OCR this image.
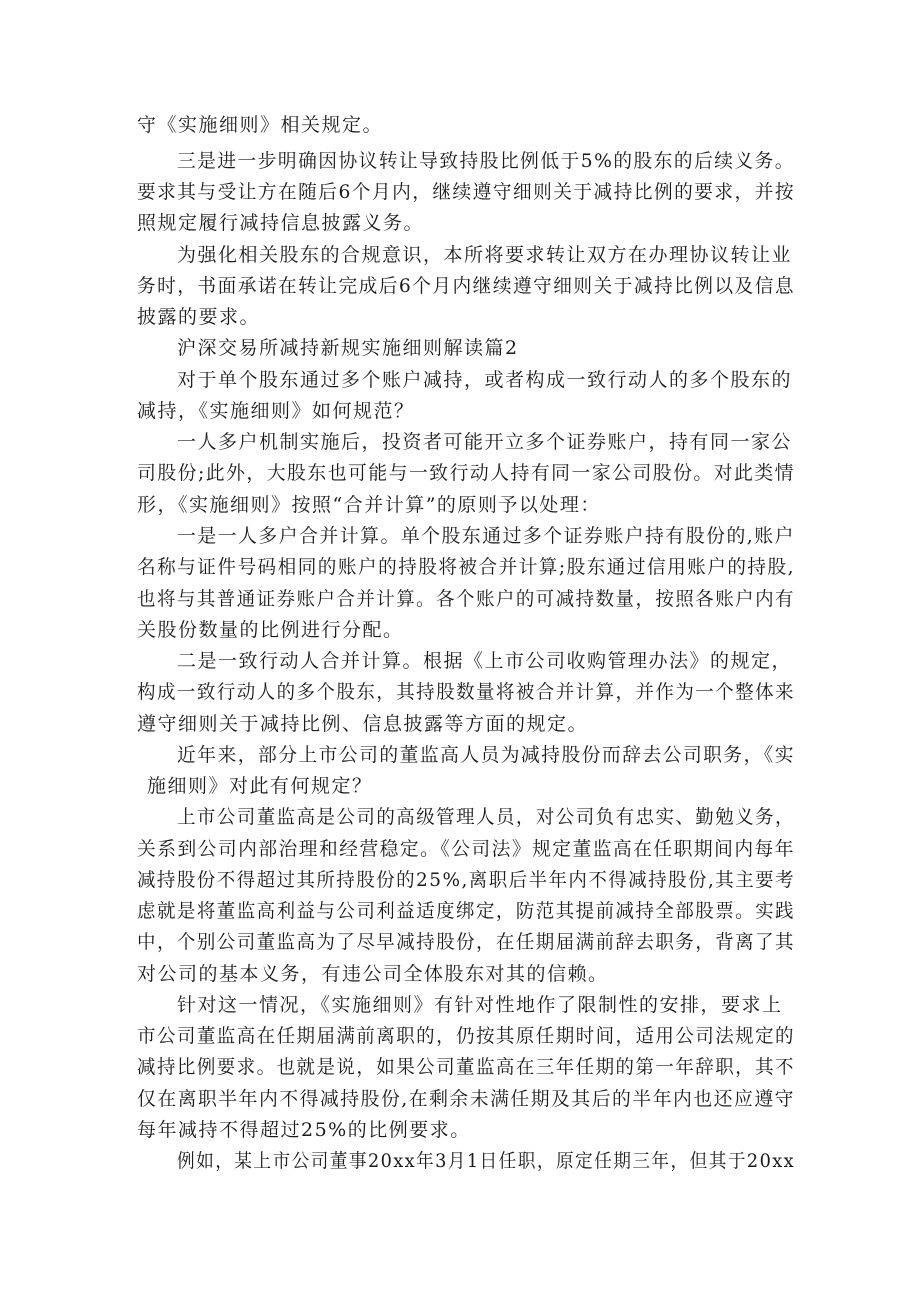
守《实施细则》相关规定。
三是进一步明确因协议转让导致持股比例低于5%的股东的后续义务。
要求其与受让方在随后6个月内，继续遵守细则关于减持比例的要求，并按
照规定履行减持信息披露义务。
为强化相关股东的合规意识，本所将要求转让双方在办理协议转让业
务时，书面承诺在转让完成后6个月内继续遵守细则关于减持比例以及信息
披露的要求。
沪深交易所减持新规实施细则解读篇2
对于单个股东通过多个账户减持，或者构成一致行动人的多个股东的
减持，《实施细则》如何规范？
一人多户机制实施后，投资者可能开立多个证券账户，持有同一家公
司股份;此外，大股东也可能与一致行动人持有同一家公司股份。对此类情
形，《实施细则》按照“合并计算”的原则予以处理：
一是一人多户合并计算。单个股东通过多个证券账户持有股份的,账户
名称与证件号码相同的账户的持股将被合并计算;股东通过信用账户的持股,
也将与其普通证券账户合并计算。各个账户的可减持数量，按照各账户内有
关股份数量的比例进行分配。
二是一致行动人合并计算。根据《上市公司收购管理办法》的规定，
构成一致行动人的多个股东，其持股数量将被合并计算，并作为一个整体来
遵守细则关于减持比例、信息披露等方面的规定。
近年来，部分上市公司的董监高人员为减持股份而辞去公司职务，《实
施细则》对此有何规定？
上市公司董监高是公司的高级管理人员，对公司负有忠实、勤勉义务，
关系到公司内部治理和经营稳定。《公司法》规定董监高在任职期间内每年
减持股份不得超过其所持股份的25%,离职后半年内不得减持股份,其主要考
虑就是将董监高利益与公司利益适度绑定，防范其提前减持全部股票。实践
中，个别公司董监高为了尽早减持股份，在任期届满前辞去职务，背离了其
对公司的基本义务，有违公司全体股东对其的信赖。
针对这一情况，《实施细则》有针对性地作了限制性的安排，要求上
市公司董监高在任期届满前离职的，仍按其原任期时间，适用公司法规定的
减持比例要求。也就是说，如果公司董监高在三年任期的第一年辞职，其不
仅在离职半年内不得减持股份,在剩余未满任期及其后的半年内也还应遵守
每年减持不得超过25%的比例要求。
例如，某上市公司董事20xx年3月1日任职，原定任期三年，但其于20xx
